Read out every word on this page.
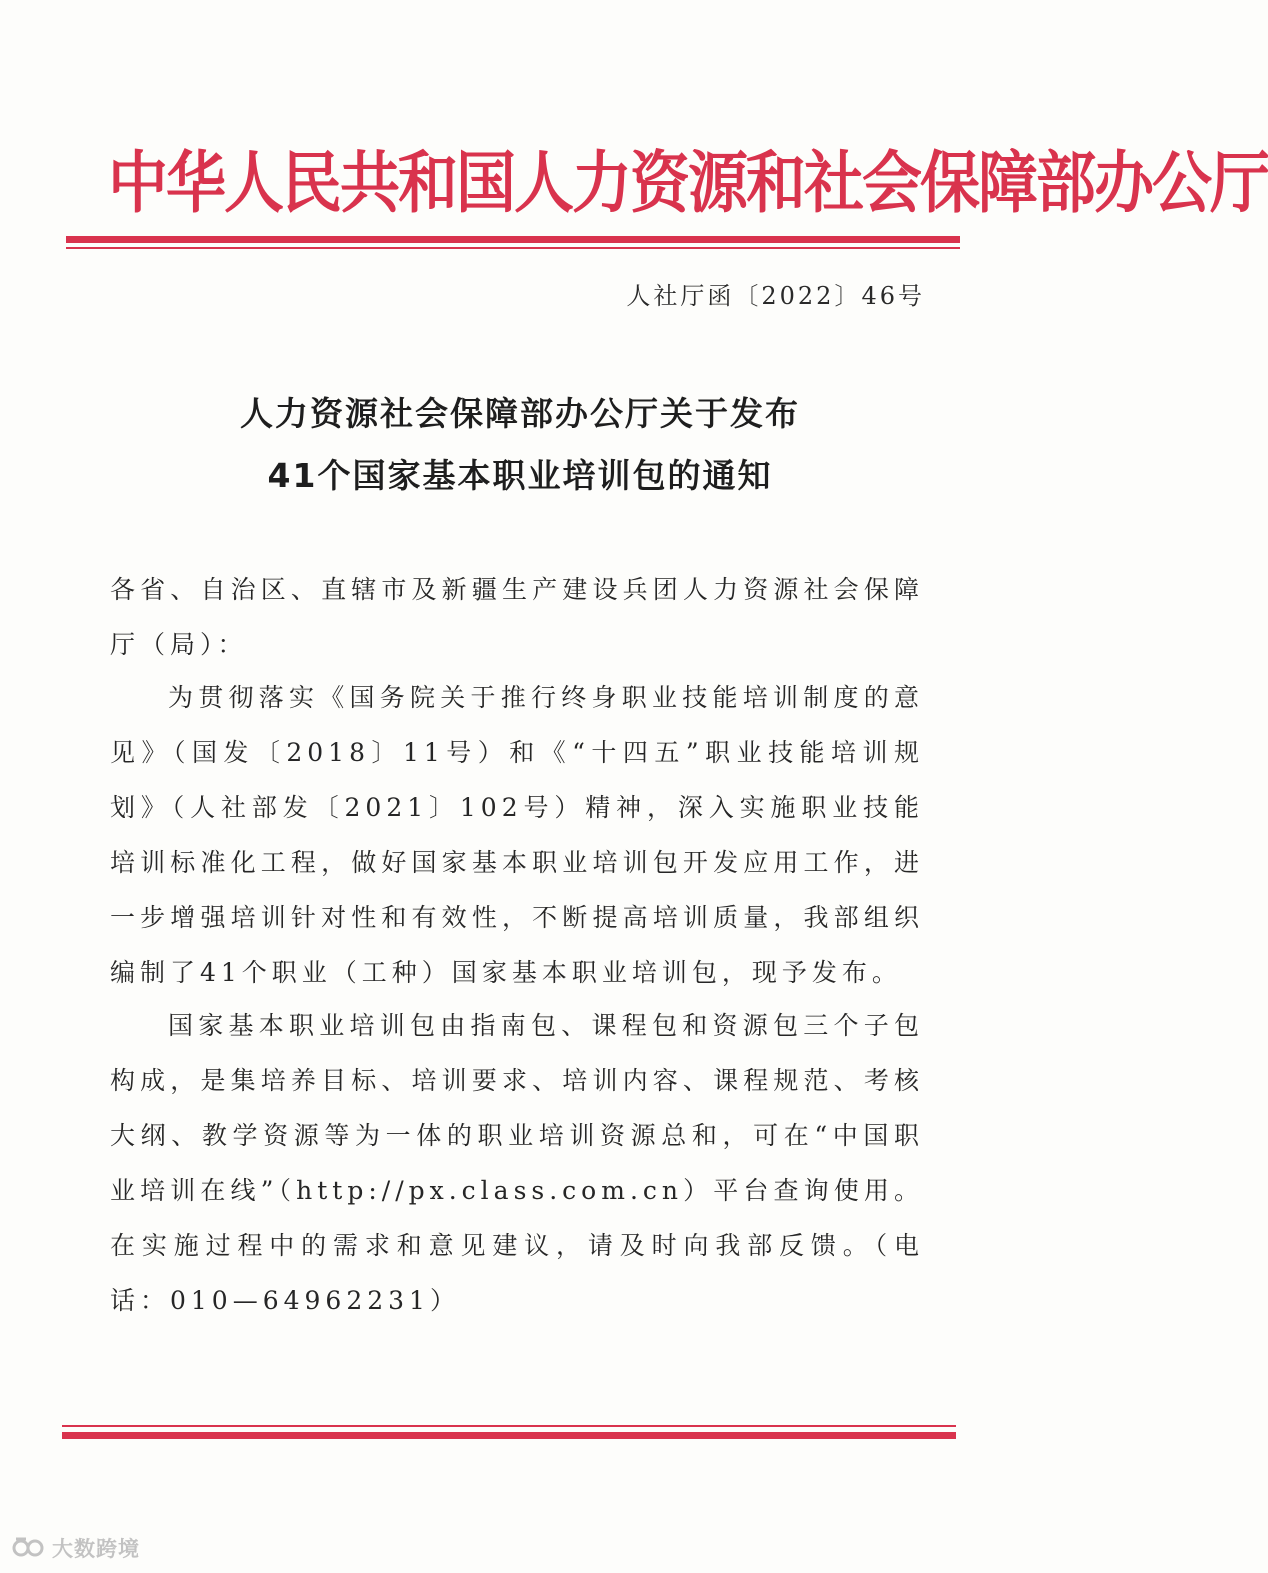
中华人民共和国人力资源和社会保障部办公厅
人社厅函〔2022〕46号
人力资源社会保障部办公厅关于发布
41个国家基本职业培训包的通知
各省、自治区、直辖市及新疆生产建设兵团人力资源社会保障厅（局）：
为贯彻落实《国务院关于推行终身职业技能培训制度的意见》（国发〔2018〕11号）和《“十四五”职业技能培训规划》（人社部发〔2021〕102号）精神，深入实施职业技能培训标准化工程，做好国家基本职业培训包开发应用工作，进一步增强培训针对性和有效性，不断提高培训质量，我部组织编制了41个职业（工种）国家基本职业培训包，现予发布。
国家基本职业培训包由指南包、课程包和资源包三个子包构成，是集培养目标、培训要求、培训内容、课程规范、考核大纲、教学资源等为一体的职业培训资源总和，可在“中国职业培训在线”（http://px.class.com.cn）平台查询使用。在实施过程中的需求和意见建议，请及时向我部反馈。（电话：010—64962231）
大数跨境
